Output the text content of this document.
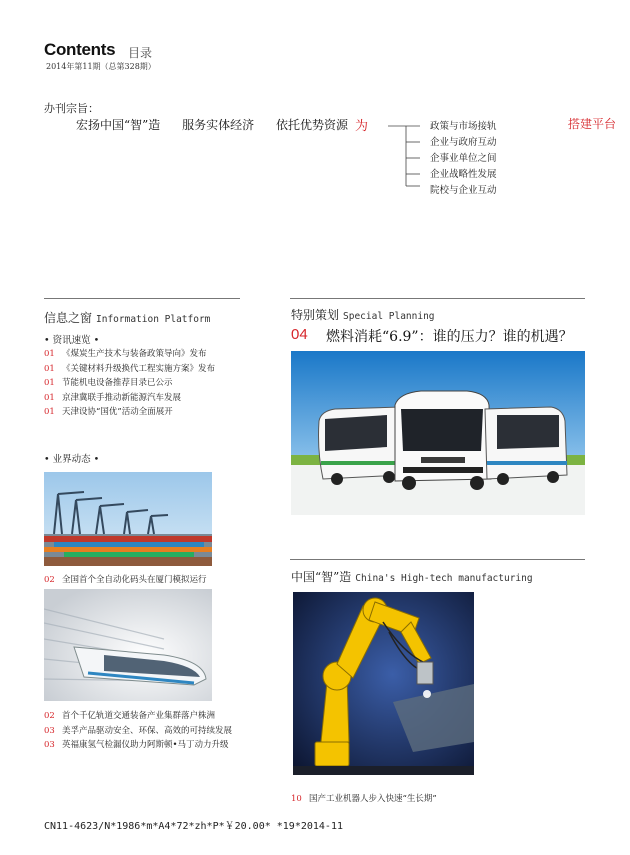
Contents 目录
2014年第11期（总第328期）
办刊宗旨：
宏扬中国“智”造 服务实体经济 依托优势资源 为	政策与市场接轨
企业与政府互动
企事业单位之间
企业战略性发展
院校与企业互动
搭建平台
信息之窗 Information Platform
• 资讯速览 •
01 《煤炭生产技术与装备政策导向》发布
01 《关键材料升级换代工程实施方案》发布
01 节能机电设备推荐目录已公示
01 京津冀联手推动新能源汽车发展
01 天津设协“国优”活动全面展开
• 业界动态 •
02 全国首个全自动化码头在厦门模拟运行
02 首个千亿轨道交通装备产业集群落户株洲
03 美孚产品驱动安全、环保、高效的可持续发展
03 英福康氢气检漏仪助力阿斯顿•马丁动力升级
特别策划 Special Planning
04 燃料消耗“6.9”：谁的压力？谁的机遇？
中国“智”造 China's High-tech manufacturing
10 国产工业机器人步入快速“生长期”
CN11-4623/N*1986*m*A4*72*zh*P*￥20.00* *19*2014-11
